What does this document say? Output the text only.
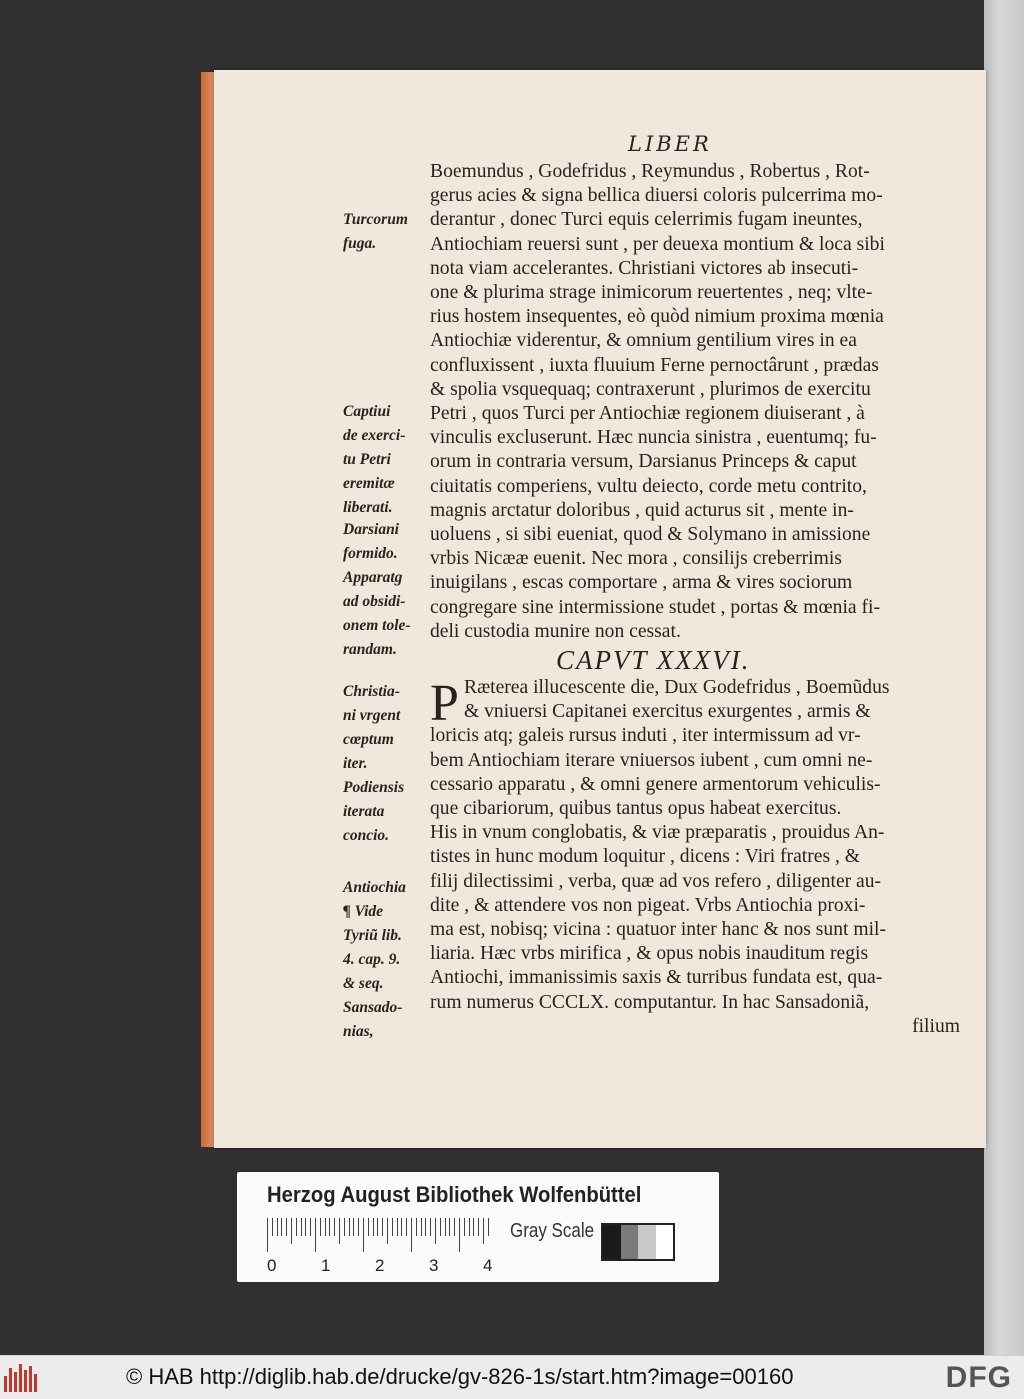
LIBER
Boemundus , Godefridus , Reymundus , Robertus , Rot-
gerus acies & signa bellica diuersi coloris pulcerrima mo-
derantur , donec Turci equis celerrimis fugam ineuntes,
Antiochiam reuersi sunt , per deuexa montium & loca sibi
nota viam accelerantes. Christiani victores ab insecuti-
one & plurima strage inimicorum reuertentes , neq; vlte-
rius hostem insequentes, eò quòd nimium proxima mœnia
Antiochiæ viderentur, & omnium gentilium vires in ea
confluxissent , iuxta fluuium Ferne pernoctârunt , prædas
& spolia vsquequaq; contraxerunt , plurimos de exercitu
Petri , quos Turci per Antiochiæ regionem diuiserant , à
vinculis excluserunt. Hæc nuncia sinistra , euentumq; fu-
orum in contraria versum, Darsianus Princeps & caput
ciuitatis comperiens, vultu deiecto, corde metu contrito,
magnis arctatur doloribus , quid acturus sit , mente in-
uoluens , si sibi eueniat, quod & Solymano in amissione
vrbis Nicææ euenit. Nec mora , consilijs creberrimis
inuigilans , escas comportare , arma & vires sociorum
congregare sine intermissione studet , portas & mœnia fi-
deli custodia munire non cessat.
CAPVT XXXVI.
P Ræterea illucescente die, Dux Godefridus , Boemũdus
& vniuersi Capitanei exercitus exurgentes , armis &
loricis atq; galeis rursus induti , iter intermissum ad vr-
bem Antiochiam iterare vniuersos iubent , cum omni ne-
cessario apparatu , & omni genere armentorum vehiculis-
que cibariorum, quibus tantus opus habeat exercitus.
His in vnum conglobatis, & viæ præparatis , prouidus An-
tistes in hunc modum loquitur , dicens : Viri fratres , &
filij dilectissimi , verba, quæ ad vos refero , diligenter au-
dite , & attendere vos non pigeat. Vrbs Antiochia proxi-
ma est, nobisq; vicina : quatuor inter hanc & nos sunt mil-
liaria. Hæc vrbs mirifica , & opus nobis inauditum regis
Antiochi, immanissimis saxis & turribus fundata est, qua-
rum numerus CCCLX. computantur. In hac Sansadoniã,
filium
Turcorum
fuga.
Captiui
de exerci-
tu Petri
eremitæ
liberati.
Darsiani
formido.
Apparatg
ad obsidi-
onem tole-
randam.
Christia-
ni vrgent
cœptum
iter.
Podiensis
iterata
concio.
Antiochia
¶ Vide
Tyriũ lib.
4. cap. 9.
& seq.
Sansado-
nias,
Herzog August Bibliothek Wolfenbüttel
0	1	2	3	4
Gray Scale
© HAB http://diglib.hab.de/drucke/gv-826-1s/start.htm?image=00160	DFG
